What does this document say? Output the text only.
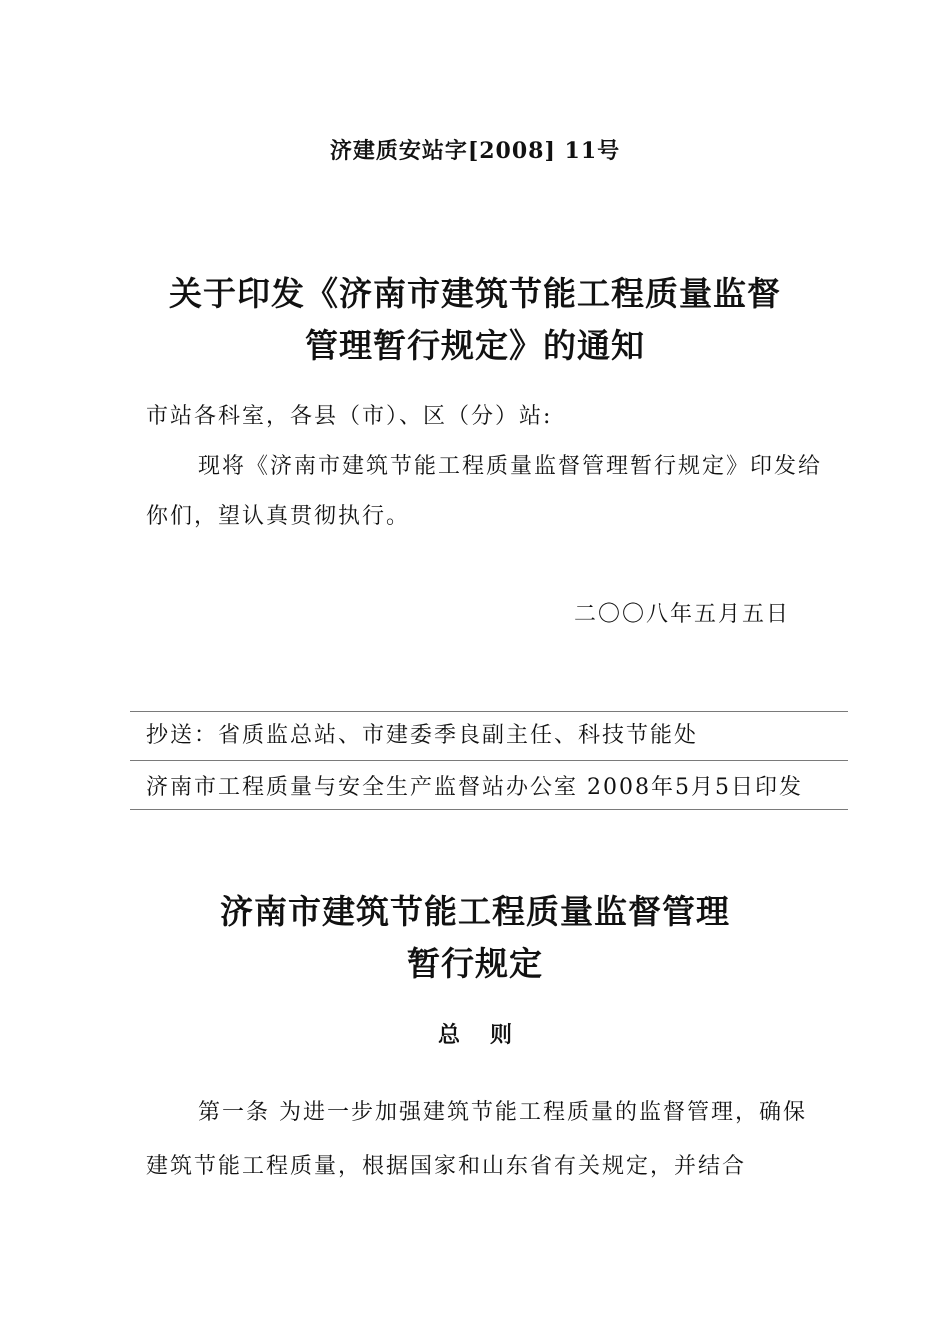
济建质安站字[2008] 11号
关于印发《济南市建筑节能工程质量监督
管理暂行规定》的通知
市站各科室，各县（市）、区（分）站:
现将《济南市建筑节能工程质量监督管理暂行规定》印发给你们，望认真贯彻执行。
二〇〇八年五月五日
抄送：省质监总站、市建委季良副主任、科技节能处
济南市工程质量与安全生产监督站办公室 2008年5月5日印发
济南市建筑节能工程质量监督管理
暂行规定
总则
第一条 为进一步加强建筑节能工程质量的监督管理，确保建筑节能工程质量，根据国家和山东省有关规定，并结合
